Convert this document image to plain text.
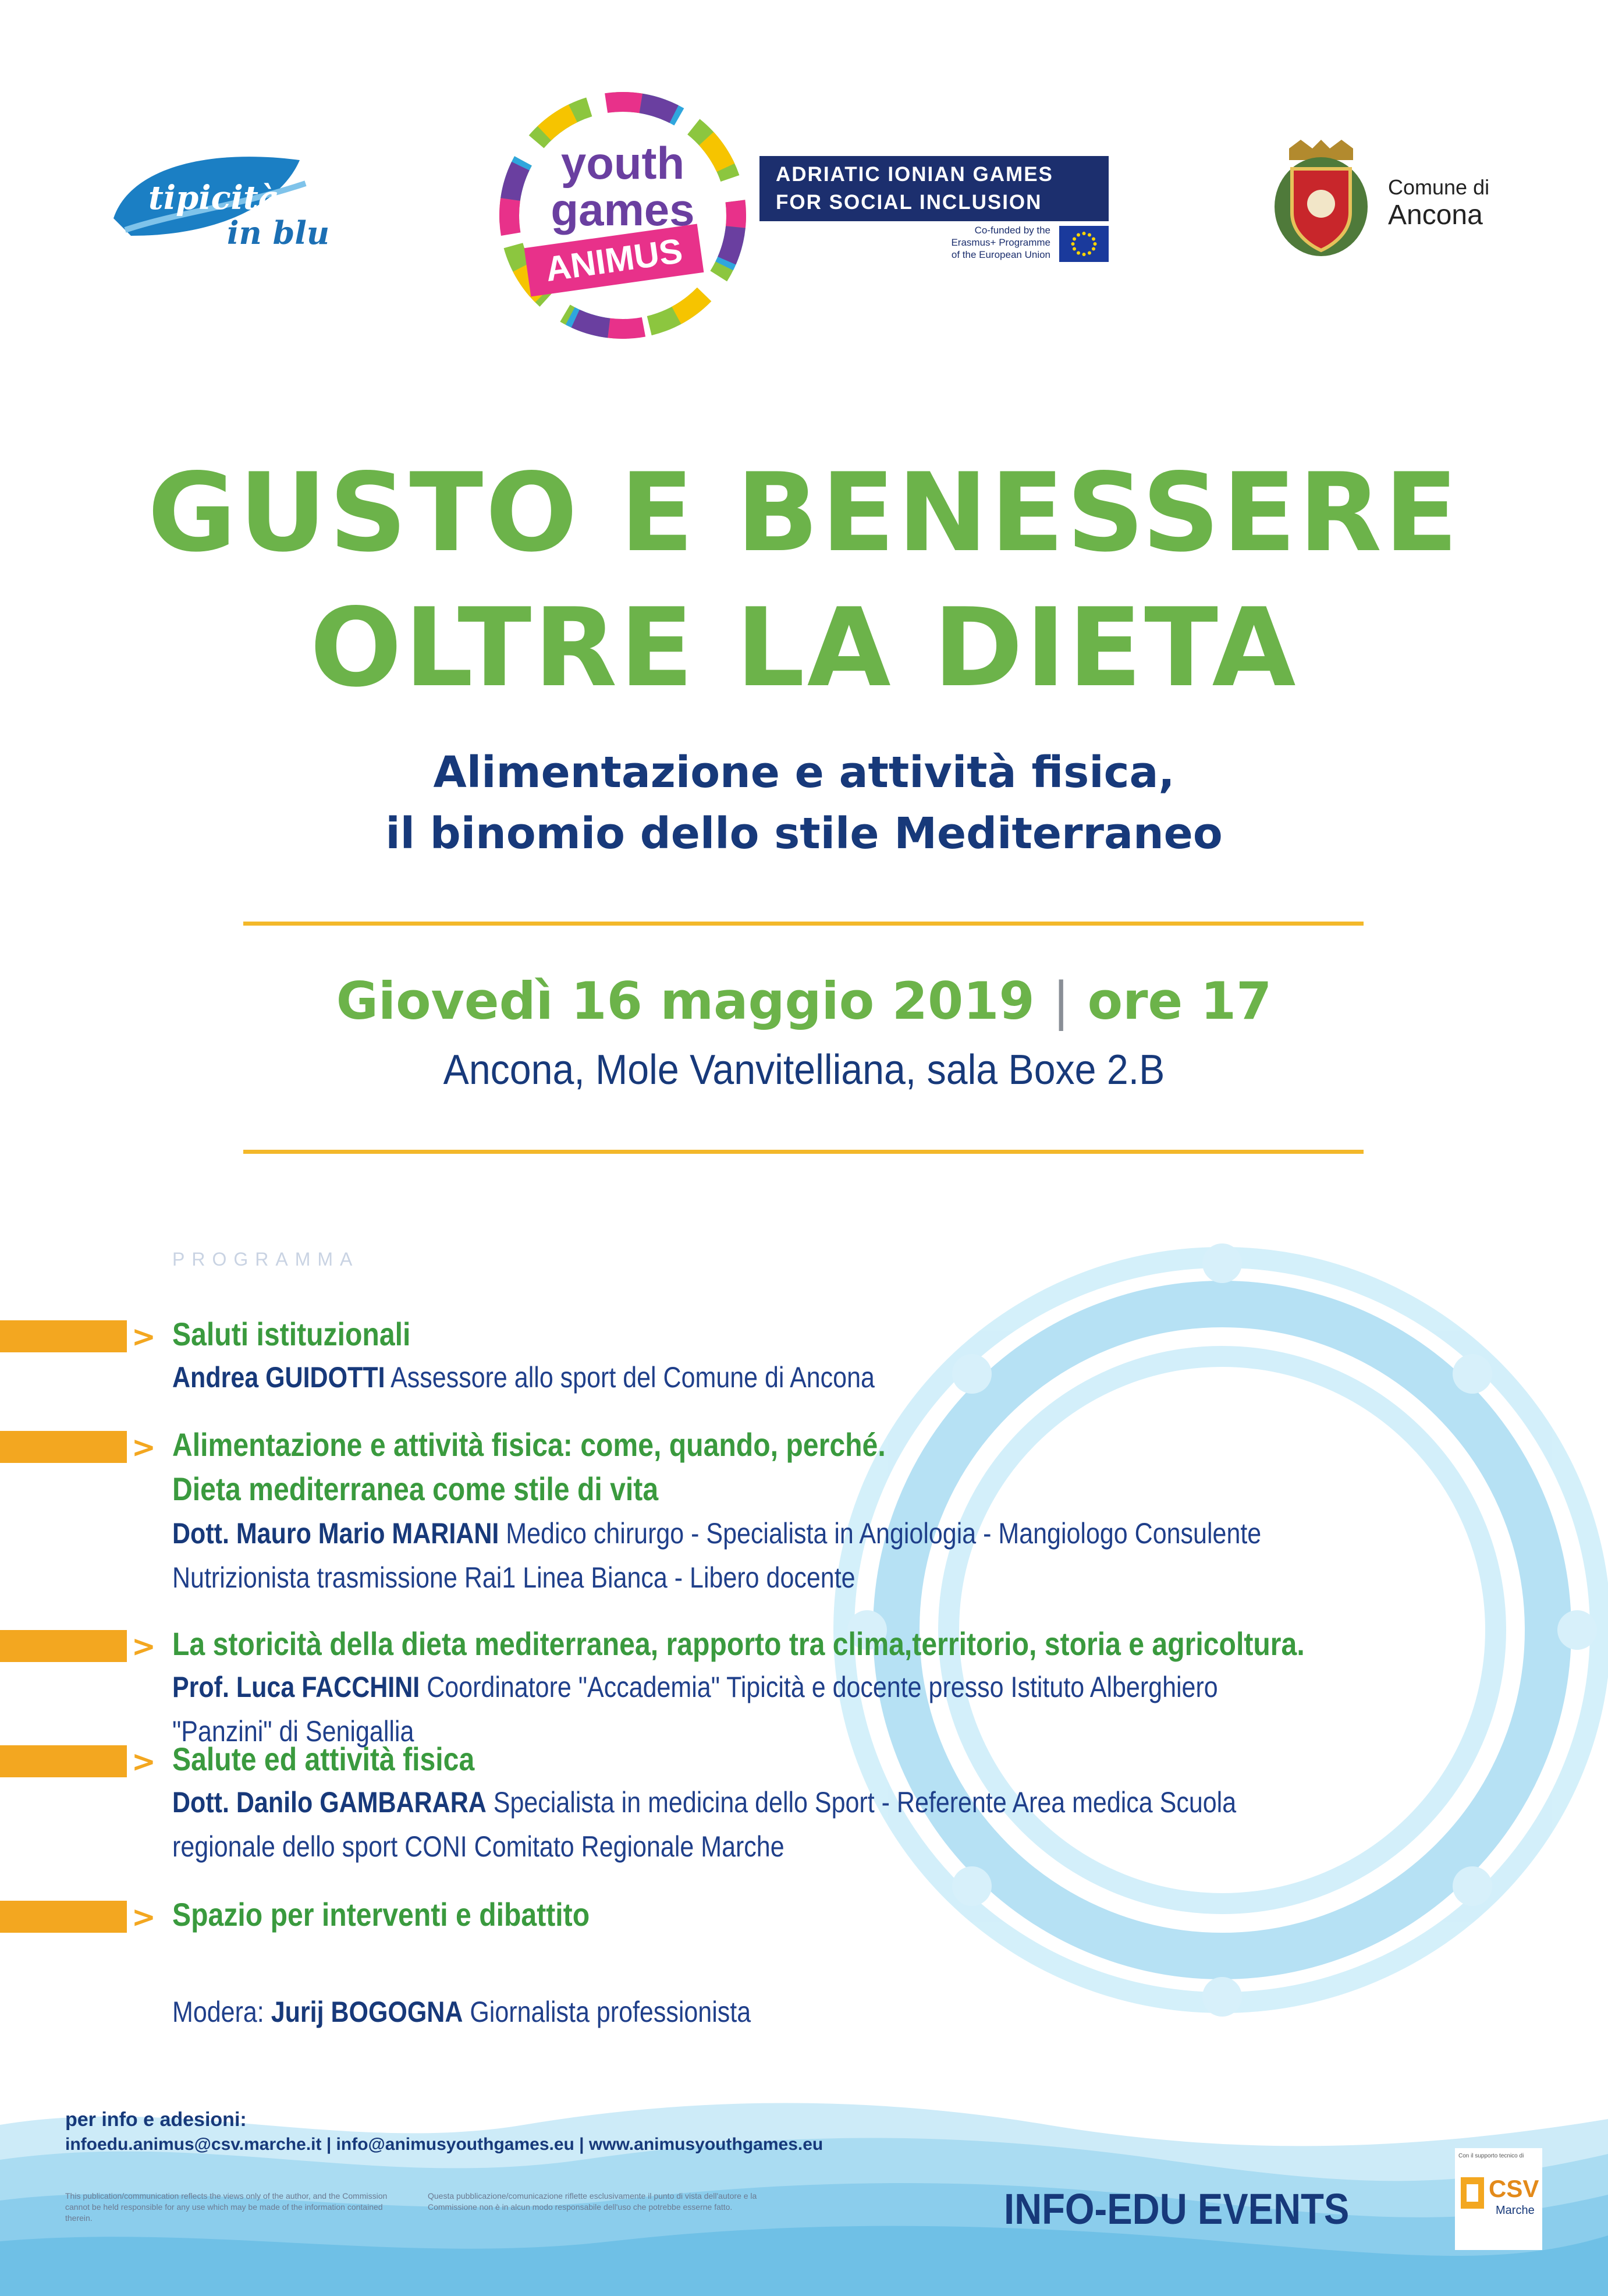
tipicità
in blu
youth
games
ANIMUS
ADRIATIC IONIAN GAMES
FOR SOCIAL INCLUSION
Co-funded by the
Erasmus+ Programme
of the European Union
Comune di
Ancona
GUSTO E BENESSERE
OLTRE LA DIETA
Alimentazione e attività fisica,
il binomio dello stile Mediterraneo
Giovedì 16 maggio 2019 | ore 17
Ancona, Mole Vanvitelliana, sala Boxe 2.B
PROGRAMMA
> Saluti istituzionali
Andrea GUIDOTTI Assessore allo sport del Comune di Ancona
> Alimentazione e attività fisica: come, quando, perché.
Dieta mediterranea come stile di vita
Dott. Mauro Mario MARIANI Medico chirurgo - Specialista in Angiologia - Mangiologo Consulente Nutrizionista trasmissione Rai1 Linea Bianca - Libero docente
> La storicità della dieta mediterranea, rapporto tra clima,territorio, storia e agricoltura.
Prof. Luca FACCHINI Coordinatore "Accademia" Tipicità e docente presso Istituto Alberghiero "Panzini" di Senigallia
> Salute ed attività fisica
Dott. Danilo GAMBARARA Specialista in medicina dello Sport - Referente Area medica Scuola regionale dello sport CONI Comitato Regionale Marche
> Spazio per interventi e dibattito
Modera: Jurij BOGOGNA Giornalista professionista
per info e adesioni:
infoedu.animus@csv.marche.it | info@animusyouthgames.eu | www.animusyouthgames.eu
This publication/communication reflects the views only of the author, and the Commission cannot be held responsible for any use which may be made of the information contained therein.
Questa pubblicazione/comunicazione riflette esclusivamente il punto di vista dell'autore e la Commissione non è in alcun modo responsabile dell'uso che potrebbe esserne fatto.	INFO-EDU EVENTS
Con il supporto tecnico di
CSV
Marche
